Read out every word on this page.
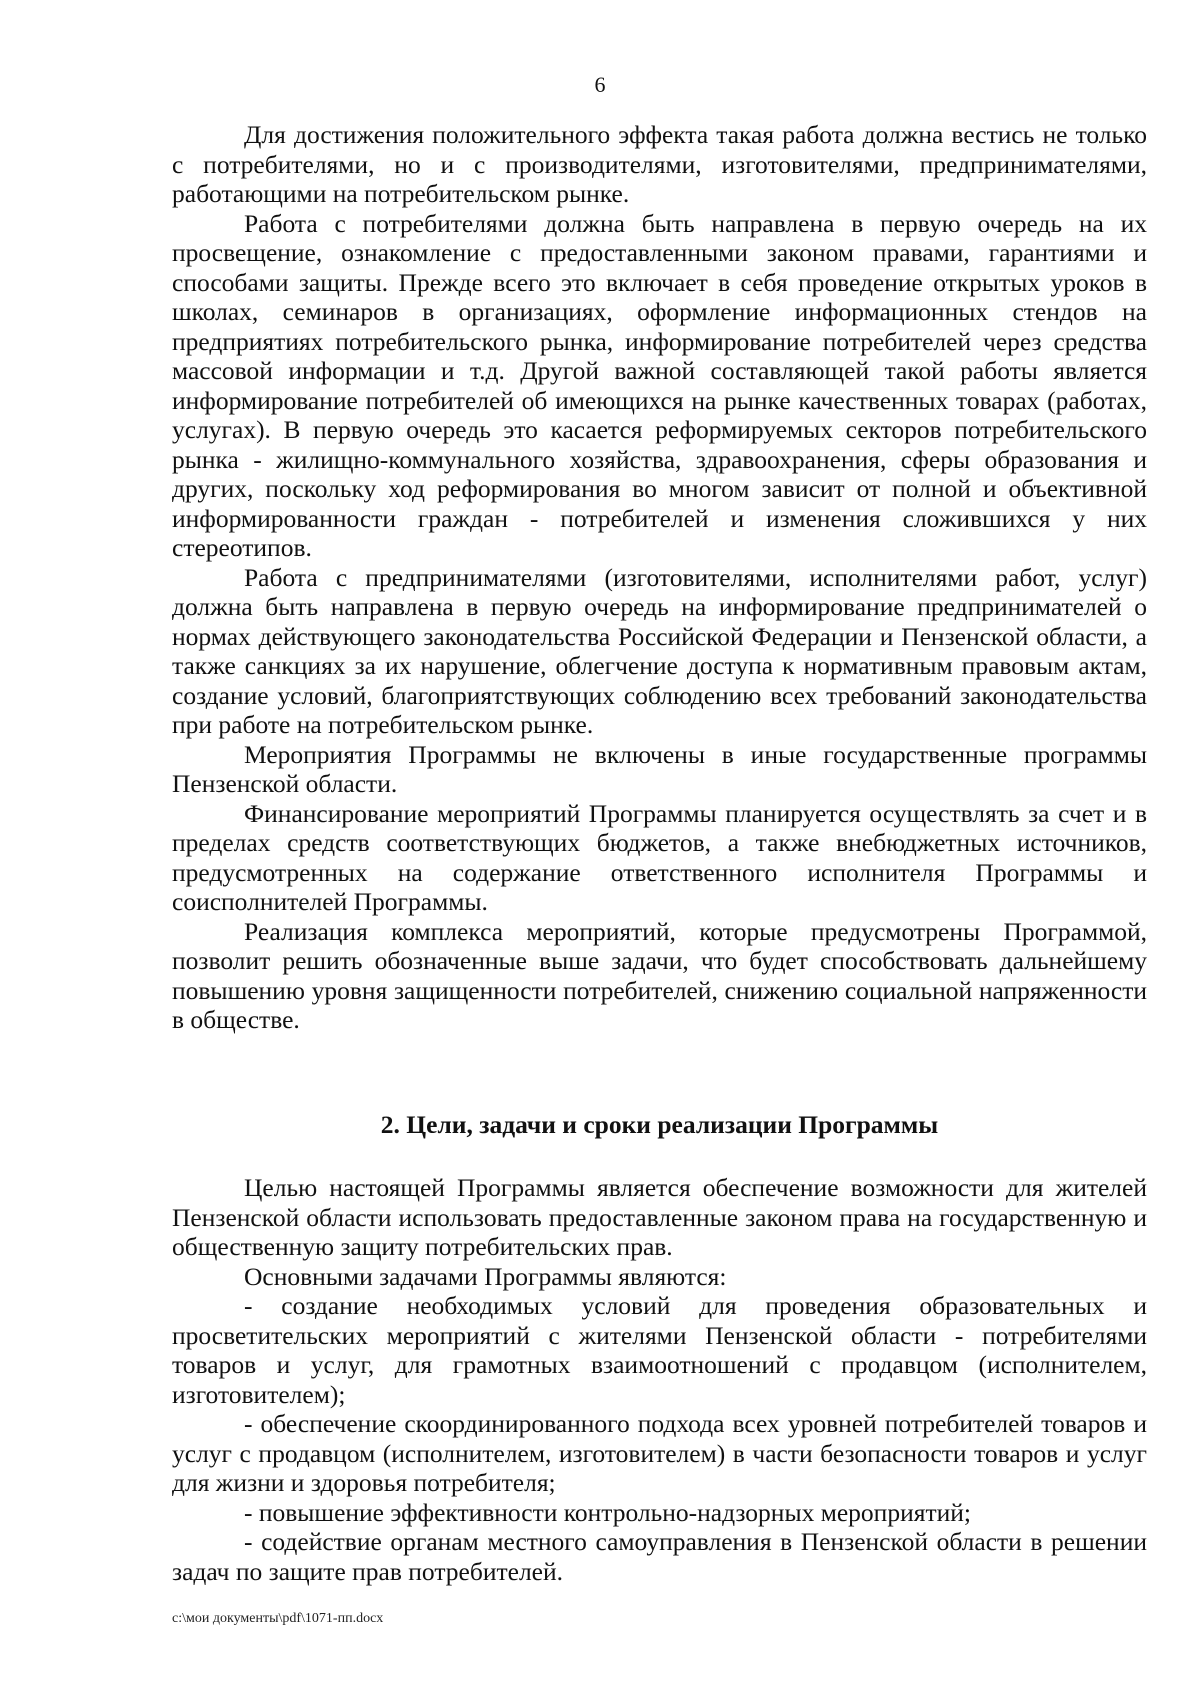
6

Для достижения положительного эффекта такая работа должна вестись не только с потребителями, но и с производителями, изготовителями, предпринимателями, работающими на потребительском рынке.

Работа с потребителями должна быть направлена в первую очередь на их просвещение, ознакомление с предоставленными законом правами, гарантиями и способами защиты. Прежде всего это включает в себя проведение открытых уроков в школах, семинаров в организациях, оформление информационных стендов на предприятиях потребительского рынка, информирование потребителей через средства массовой информации и т.д. Другой важной составляющей такой работы является информирование потребителей об имеющихся на рынке качественных товарах (работах, услугах). В первую очередь это касается реформируемых секторов потребительского рынка - жилищно-коммунального хозяйства, здравоохранения, сферы образования и других, поскольку ход реформирования во многом зависит от полной и объективной информированности граждан - потребителей и изменения сложившихся у них стереотипов.

Работа с предпринимателями (изготовителями, исполнителями работ, услуг) должна быть направлена в первую очередь на информирование предпринимателей о нормах действующего законодательства Российской Федерации и Пензенской области, а также санкциях за их нарушение, облегчение доступа к нормативным правовым актам, создание условий, благоприятствующих соблюдению всех требований законодательства при работе на потребительском рынке.

Мероприятия Программы не включены в иные государственные программы Пензенской области.

Финансирование мероприятий Программы планируется осуществлять за счет и в пределах средств соответствующих бюджетов, а также внебюджетных источников, предусмотренных на содержание ответственного исполнителя Программы и соисполнителей Программы.

Реализация комплекса мероприятий, которые предусмотрены Программой, позволит решить обозначенные выше задачи, что будет способствовать дальнейшему повышению уровня защищенности потребителей, снижению социальной напряженности в обществе.

2. Цели, задачи и сроки реализации Программы

Целью настоящей Программы является обеспечение возможности для жителей Пензенской области использовать предоставленные законом права на государственную и общественную защиту потребительских прав.

Основными задачами Программы являются:

- создание необходимых условий для проведения образовательных и просветительских мероприятий с жителями Пензенской области - потребителями товаров и услуг, для грамотных взаимоотношений с продавцом (исполнителем, изготовителем);

- обеспечение скоординированного подхода всех уровней потребителей товаров и услуг с продавцом (исполнителем, изготовителем) в части безопасности товаров и услуг для жизни и здоровья потребителя;

- повышение эффективности контрольно-надзорных мероприятий;

- содействие органам местного самоуправления в Пензенской области в решении задач по защите прав потребителей.

c:\мои документы\pdf\1071-пп.docx
